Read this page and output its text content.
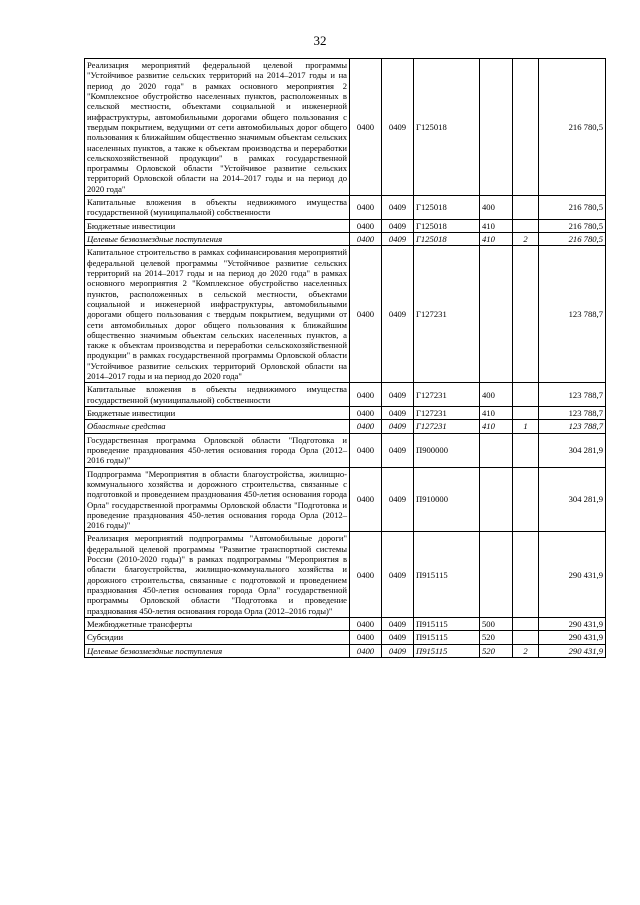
32
Реализация мероприятий федеральной целевой программы "Устойчивое развитие сельских территорий на 2014–2017 годы и на период до 2020 года" в рамках основного мероприятия 2 "Комплексное обустройство населенных пунктов, расположенных в сельской местности, объектами социальной и инженерной инфраструктуры, автомобильными дорогами общего пользования с твердым покрытием, ведущими от сети автомобильных дорог общего пользования к ближайшим общественно значимым объектам сельских населенных пунктов, а также к объектам производства и переработки сельскохозяйственной продукции" в рамках государственной программы Орловской области "Устойчивое развитие сельских территорий Орловской области на 2014–2017 годы и на период до 2020 года"	0400	0409	Г125018			216 780,5
Капитальные вложения в объекты недвижимого имущества государственной (муниципальной) собственности	0400	0409	Г125018	400		216 780,5
Бюджетные инвестиции	0400	0409	Г125018	410		216 780,5
Целевые безвозмездные поступления	0400	0409	Г125018	410	2	216 780,5
Капитальное строительство в рамках софинансирования мероприятий федеральной целевой программы "Устойчивое развитие сельских территорий на 2014–2017 годы и на период до 2020 года" в рамках основного мероприятия 2 "Комплексное обустройство населенных пунктов, расположенных в сельской местности, объектами социальной и инженерной инфраструктуры, автомобильными дорогами общего пользования с твердым покрытием, ведущими от сети автомобильных дорог общего пользования к ближайшим общественно значимым объектам сельских населенных пунктов, а также к объектам производства и переработки сельскохозяйственной продукции" в рамках государственной программы Орловской области "Устойчивое развитие сельских территорий Орловской области на 2014–2017 годы и на период до 2020 года"	0400	0409	Г127231			123 788,7
Капитальные вложения в объекты недвижимого имущества государственной (муниципальной) собственности	0400	0409	Г127231	400		123 788,7
Бюджетные инвестиции	0400	0409	Г127231	410		123 788,7
Областные средства	0400	0409	Г127231	410	1	123 788,7
Государственная программа Орловской области "Подготовка и проведение празднования 450-летия основания города Орла (2012–2016 годы)"	0400	0409	П900000			304 281,9
Подпрограмма "Мероприятия в области благоустройства, жилищно-коммунального хозяйства и дорожного строительства, связанные с подготовкой и проведением празднования 450-летия основания города Орла" государственной программы Орловской области "Подготовка и проведение празднования 450-летия основания города Орла (2012–2016 годы)"	0400	0409	П910000			304 281,9
Реализация мероприятий подпрограммы "Автомобильные дороги" федеральной целевой программы "Развитие транспортной системы России (2010-2020 годы)" в рамках подпрограммы "Мероприятия в области благоустройства, жилищно-коммунального хозяйства и дорожного строительства, связанные с подготовкой и проведением празднования 450-летия основания города Орла" государственной программы Орловской области "Подготовка и проведение празднования 450-летия основания города Орла (2012–2016 годы)"	0400	0409	П915115			290 431,9
Межбюджетные трансферты	0400	0409	П915115	500		290 431,9
Субсидии	0400	0409	П915115	520		290 431,9
Целевые безвозмездные поступления	0400	0409	П915115	520	2	290 431,9
